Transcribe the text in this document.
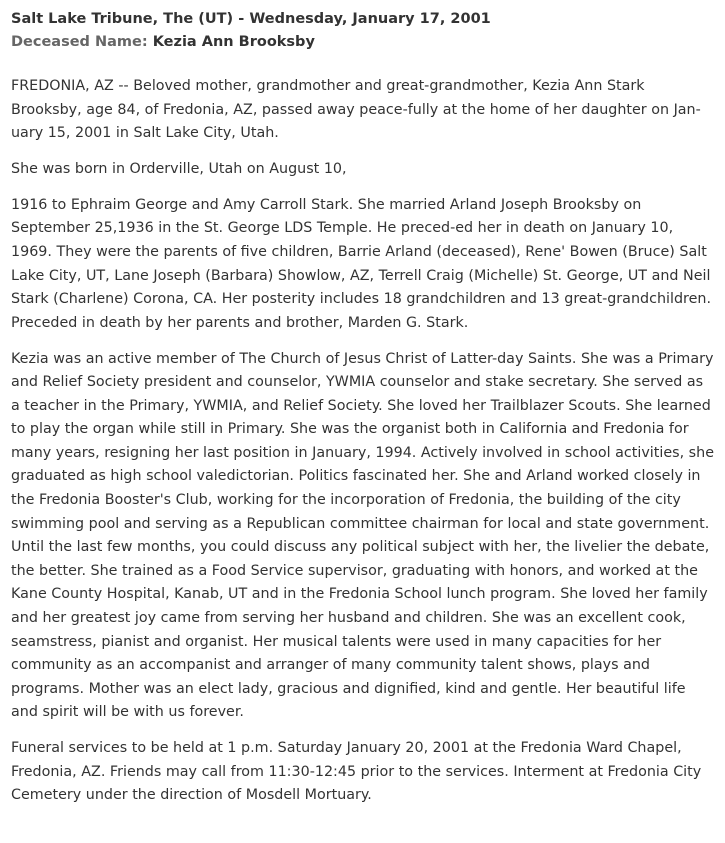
Salt Lake Tribune, The (UT) - Wednesday, January 17, 2001
Deceased Name: Kezia Ann Brooksby

FREDONIA, AZ -- Beloved mother, grandmother and great-grandmother, Kezia Ann Stark Brooksby, age 84, of Fredonia, AZ, passed away peace-fully at the home of her daughter on Jan-uary 15, 2001 in Salt Lake City, Utah.

She was born in Orderville, Utah on August 10,

1916 to Ephraim George and Amy Carroll Stark. She married Arland Joseph Brooksby on September 25,1936 in the St. George LDS Temple. He preced-ed her in death on January 10, 1969. They were the parents of five children, Barrie Arland (deceased), Rene' Bowen (Bruce) Salt Lake City, UT, Lane Joseph (Barbara) Showlow, AZ, Terrell Craig (Michelle) St. George, UT and Neil Stark (Charlene) Corona, CA. Her posterity includes 18 grandchildren and 13 great-grandchildren. Preceded in death by her parents and brother, Marden G. Stark.

Kezia was an active member of The Church of Jesus Christ of Latter-day Saints. She was a Primary and Relief Society president and counselor, YWMIA counselor and stake secretary. She served as a teacher in the Primary, YWMIA, and Relief Society. She loved her Trailblazer Scouts. She learned to play the organ while still in Primary. She was the organist both in California and Fredonia for many years, resigning her last position in January, 1994. Actively involved in school activities, she graduated as high school valedictorian. Politics fascinated her. She and Arland worked closely in the Fredonia Booster's Club, working for the incorporation of Fredonia, the building of the city swimming pool and serving as a Republican committee chairman for local and state government. Until the last few months, you could discuss any political subject with her, the livelier the debate, the better. She trained as a Food Service supervisor, graduating with honors, and worked at the Kane County Hospital, Kanab, UT and in the Fredonia School lunch program. She loved her family and her greatest joy came from serving her husband and children. She was an excellent cook, seamstress, pianist and organist. Her musical talents were used in many capacities for her community as an accompanist and arranger of many community talent shows, plays and programs. Mother was an elect lady, gracious and dignified, kind and gentle. Her beautiful life and spirit will be with us forever.

Funeral services to be held at 1 p.m. Saturday January 20, 2001 at the Fredonia Ward Chapel, Fredonia, AZ. Friends may call from 11:30-12:45 prior to the services. Interment at Fredonia City Cemetery under the direction of Mosdell Mortuary.
